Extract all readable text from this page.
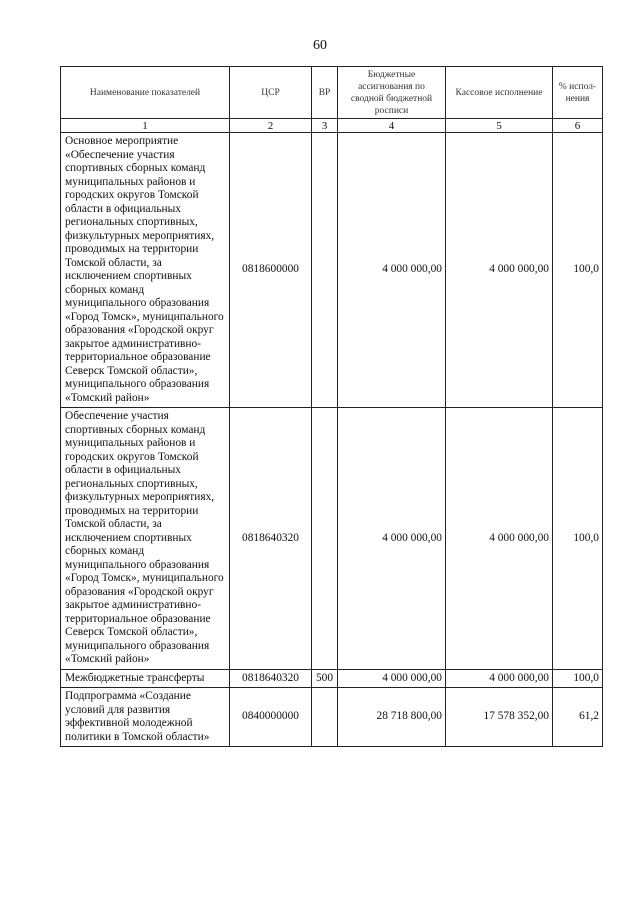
60
Наименование показателей	ЦСР	ВР	Бюджетные ассигнования по сводной бюджетной росписи	Кассовое исполнение	% испол-нения
1	2	3	4	5	6
Основное мероприятие «Обеспечение участия спортивных сборных команд муниципальных районов и городских округов Томской области в официальных региональных спортивных, физкультурных мероприятиях, проводимых на территории Томской области, за исключением спортивных сборных команд муниципального образования «Город Томск», муниципального образования «Городской округ закрытое административно-территориальное образование Северск Томской области», муниципального образования «Томский район»	0818600000		4 000 000,00	4 000 000,00	100,0
Обеспечение участия спортивных сборных команд муниципальных районов и городских округов Томской области в официальных региональных спортивных, физкультурных мероприятиях, проводимых на территории Томской области, за исключением спортивных сборных команд муниципального образования «Город Томск», муниципального образования «Городской округ закрытое административно-территориальное образование Северск Томской области», муниципального образования «Томский район»	0818640320		4 000 000,00	4 000 000,00	100,0
Межбюджетные трансферты	0818640320	500	4 000 000,00	4 000 000,00	100,0
Подпрограмма «Создание условий для развития эффективной молодежной политики в Томской области»	0840000000		28 718 800,00	17 578 352,00	61,2
